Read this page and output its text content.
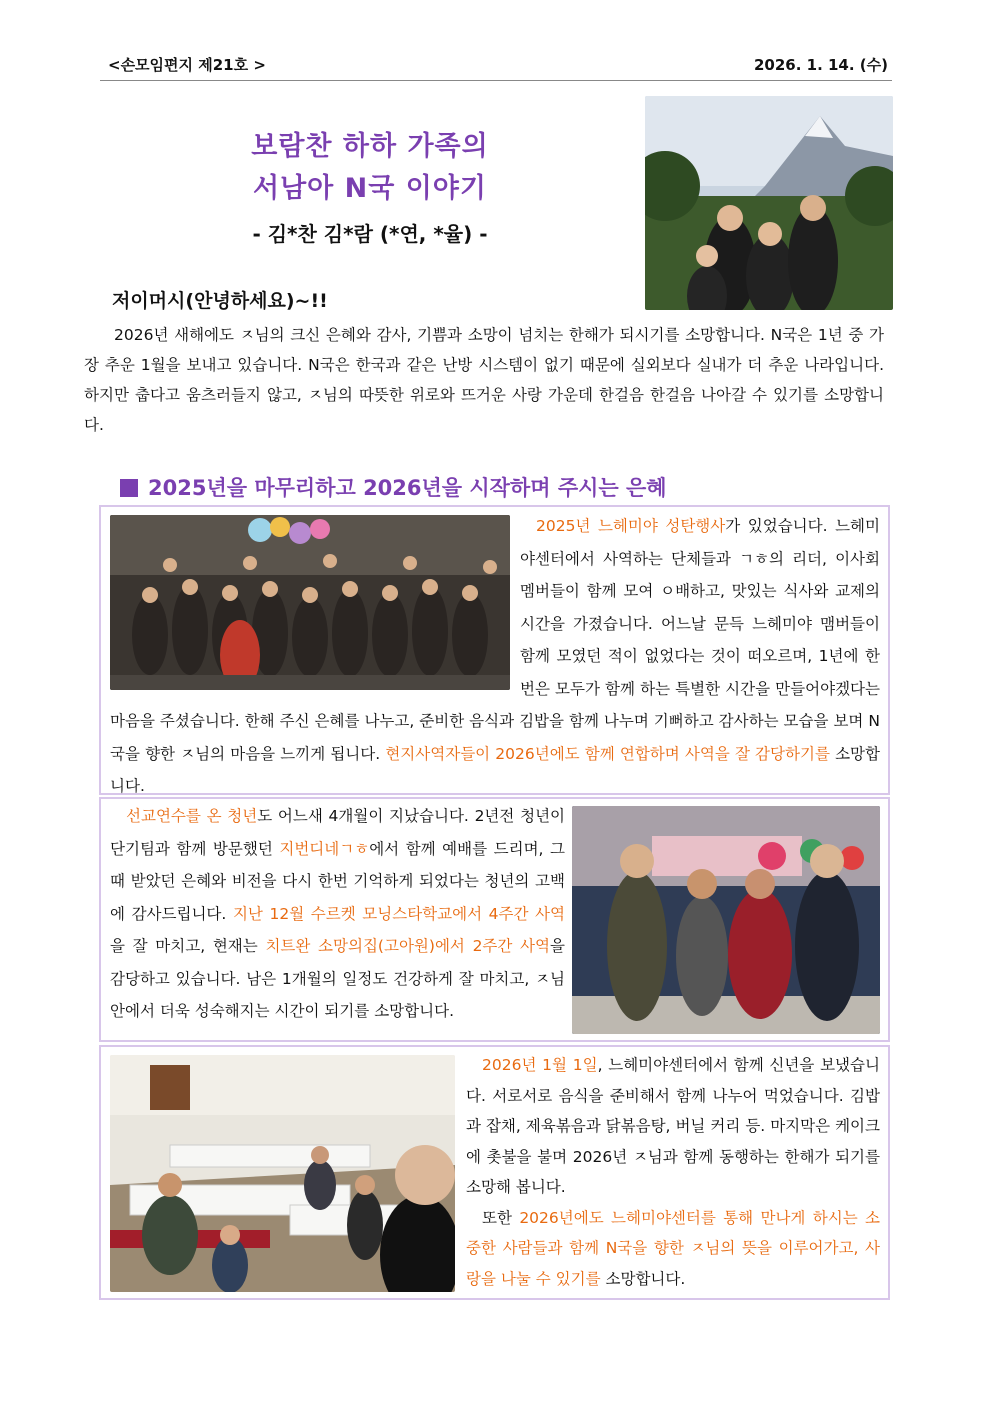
<손모임편지 제21호 >	2026. 1. 14. (수)
보람찬 하하 가족의
서남아 N국 이야기
- 김*찬 김*람 (*연, *율) -
저이머시(안녕하세요)~!!
2026년 새해에도 ㅈ님의 크신 은혜와 감사, 기쁨과 소망이 넘치는 한해가 되시기를 소망합니다. N국은 1년 중 가장 추운 1월을 보내고 있습니다. N국은 한국과 같은 난방 시스템이 없기 때문에 실외보다 실내가 더 추운 나라입니다. 하지만 춥다고 움츠러들지 않고, ㅈ님의 따뜻한 위로와 뜨거운 사랑 가운데 한걸음 한걸음 나아갈 수 있기를 소망합니다.
2025년을 마무리하고 2026년을 시작하며 주시는 은혜
2025년 느헤미야 성탄행사가 있었습니다. 느헤미야센터에서 사역하는 단체들과 ㄱㅎ의 리더, 이사회 멤버들이 함께 모여 ㅇ배하고, 맛있는 식사와 교제의 시간을 가졌습니다. 어느날 문득 느헤미야 맴버들이 함께 모였던 적이 없었다는 것이 떠오르며, 1년에 한번은 모두가 함께 하는 특별한 시간을 만들어야겠다는 마음을 주셨습니다. 한해 주신 은혜를 나누고, 준비한 음식과 김밥을 함께 나누며 기뻐하고 감사하는 모습을 보며 N국을 향한 ㅈ님의 마음을 느끼게 됩니다. 현지사역자들이 2026년에도 함께 연합하며 사역을 잘 감당하기를 소망합니다.
선교연수를 온 청년도 어느새 4개월이 지났습니다. 2년전 청년이 단기팀과 함께 방문했던 지번디네ㄱㅎ에서 함께 예배를 드리며, 그때 받았던 은혜와 비전을 다시 한번 기억하게 되었다는 청년의 고백에 감사드립니다. 지난 12월 수르켓 모닝스타학교에서 4주간 사역을 잘 마치고, 현재는 치트완 소망의집(고아원)에서 2주간 사역을 감당하고 있습니다. 남은 1개월의 일정도 건강하게 잘 마치고, ㅈ님 안에서 더욱 성숙해지는 시간이 되기를 소망합니다.
2026년 1월 1일, 느헤미야센터에서 함께 신년을 보냈습니다. 서로서로 음식을 준비해서 함께 나누어 먹었습니다. 김밥과 잡채, 제육볶음과 닭볶음탕, 버닐 커리 등. 마지막은 케이크에 촛불을 불며 2026년 ㅈ님과 함께 동행하는 한해가 되기를 소망해 봅니다.
또한 2026년에도 느헤미야센터를 통해 만나게 하시는 소중한 사람들과 함께 N국을 향한 ㅈ님의 뜻을 이루어가고, 사랑을 나눌 수 있기를 소망합니다.
